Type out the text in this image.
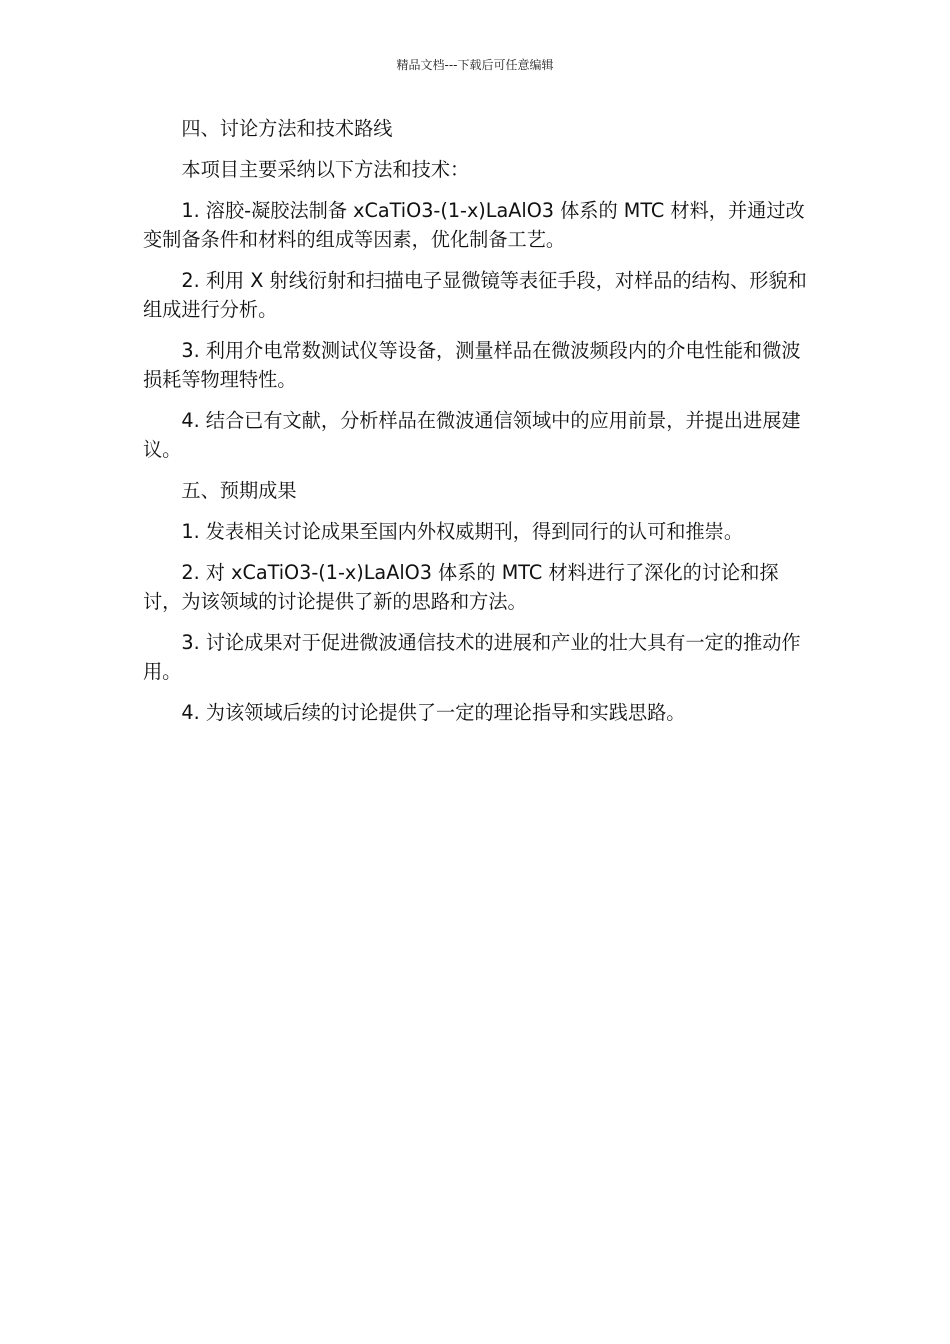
精品文档---下载后可任意编辑

四、讨论方法和技术路线

本项目主要采纳以下方法和技术：

1. 溶胶-凝胶法制备 xCaTiO3-(1-x)LaAlO3 体系的 MTC 材料，并通过改变制备条件和材料的组成等因素，优化制备工艺。

2. 利用 X 射线衍射和扫描电子显微镜等表征手段，对样品的结构、形貌和组成进行分析。

3. 利用介电常数测试仪等设备，测量样品在微波频段内的介电性能和微波损耗等物理特性。

4. 结合已有文献，分析样品在微波通信领域中的应用前景，并提出进展建议。

五、预期成果

1. 发表相关讨论成果至国内外权威期刊，得到同行的认可和推崇。

2. 对 xCaTiO3-(1-x)LaAlO3 体系的 MTC 材料进行了深化的讨论和探讨，为该领域的讨论提供了新的思路和方法。

3. 讨论成果对于促进微波通信技术的进展和产业的壮大具有一定的推动作用。

4. 为该领域后续的讨论提供了一定的理论指导和实践思路。
